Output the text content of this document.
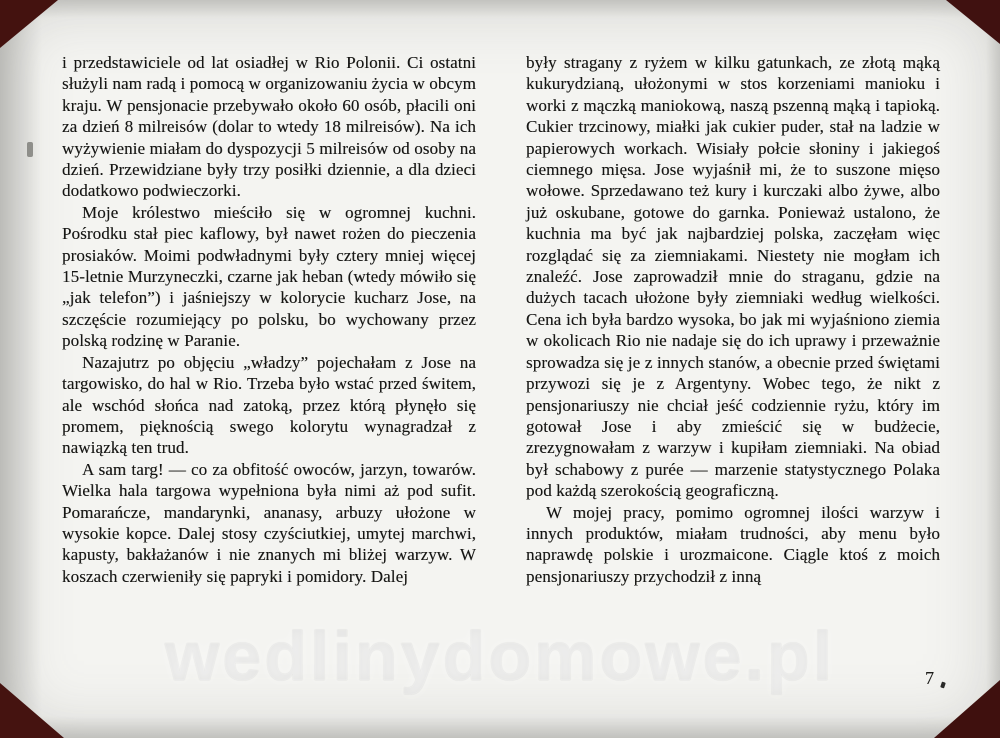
i przedstawiciele od lat osiadłej w Rio Polonii. Ci ostatni służyli nam radą i pomocą w organizowaniu życia w obcym kraju. W pensjonacie przebywało około 60 osób, płacili oni za dzień 8 milreisów (dolar to wtedy 18 milreisów). Na ich wyżywienie miałam do dyspozycji 5 milreisów od osoby na dzień. Przewidziane były trzy posiłki dziennie, a dla dzieci dodatkowo podwieczorki.

Moje królestwo mieściło się w ogromnej kuchni. Pośrodku stał piec kaflowy, był nawet rożen do pieczenia prosiaków. Moimi podwładnymi były cztery mniej więcej 15-letnie Murzyneczki, czarne jak heban (wtedy mówiło się „jak telefon”) i jaśniejszy w kolorycie kucharz Jose, na szczęście rozumiejący po polsku, bo wychowany przez polską rodzinę w Paranie.

Nazajutrz po objęciu „władzy” pojechałam z Jose na targowisko, do hal w Rio. Trzeba było wstać przed świtem, ale wschód słońca nad zatoką, przez którą płynęło się promem, pięknością swego kolorytu wynagradzał z nawiązką ten trud.

A sam targ! — co za obfitość owoców, jarzyn, towarów. Wielka hala targowa wypełniona była nimi aż pod sufit. Pomarańcze, mandarynki, ananasy, arbuzy ułożone w wysokie kopce. Dalej stosy czyściutkiej, umytej marchwi, kapusty, bakłażanów i nie znanych mi bliżej warzyw. W koszach czerwieniły się papryki i pomidory. Dalej

były stragany z ryżem w kilku gatunkach, ze złotą mąką kukurydzianą, ułożonymi w stos korzeniami manioku i worki z mączką maniokową, naszą pszenną mąką i tapioką. Cukier trzcinowy, miałki jak cukier puder, stał na ladzie w papierowych workach. Wisiały połcie słoniny i jakiegoś ciemnego mięsa. Jose wyjaśnił mi, że to suszone mięso wołowe. Sprzedawano też kury i kurczaki albo żywe, albo już oskubane, gotowe do garnka. Ponieważ ustalono, że kuchnia ma być jak najbardziej polska, zaczęłam więc rozglądać się za ziemniakami. Niestety nie mogłam ich znaleźć. Jose zaprowadził mnie do straganu, gdzie na dużych tacach ułożone były ziemniaki według wielkości. Cena ich była bardzo wysoka, bo jak mi wyjaśniono ziemia w okolicach Rio nie nadaje się do ich uprawy i przeważnie sprowadza się je z innych stanów, a obecnie przed świętami przywozi się je z Argentyny. Wobec tego, że nikt z pensjonariuszy nie chciał jeść codziennie ryżu, który im gotował Jose i aby zmieścić się w budżecie, zrezygnowałam z warzyw i kupiłam ziemniaki. Na obiad był schabowy z purée — marzenie statystycznego Polaka pod każdą szerokością geograficzną.

W mojej pracy, pomimo ogromnej ilości warzyw i innych produktów, miałam trudności, aby menu było naprawdę polskie i urozmaicone. Ciągle ktoś z moich pensjonariuszy przychodził z inną

wedlinydomowe.pl	7
